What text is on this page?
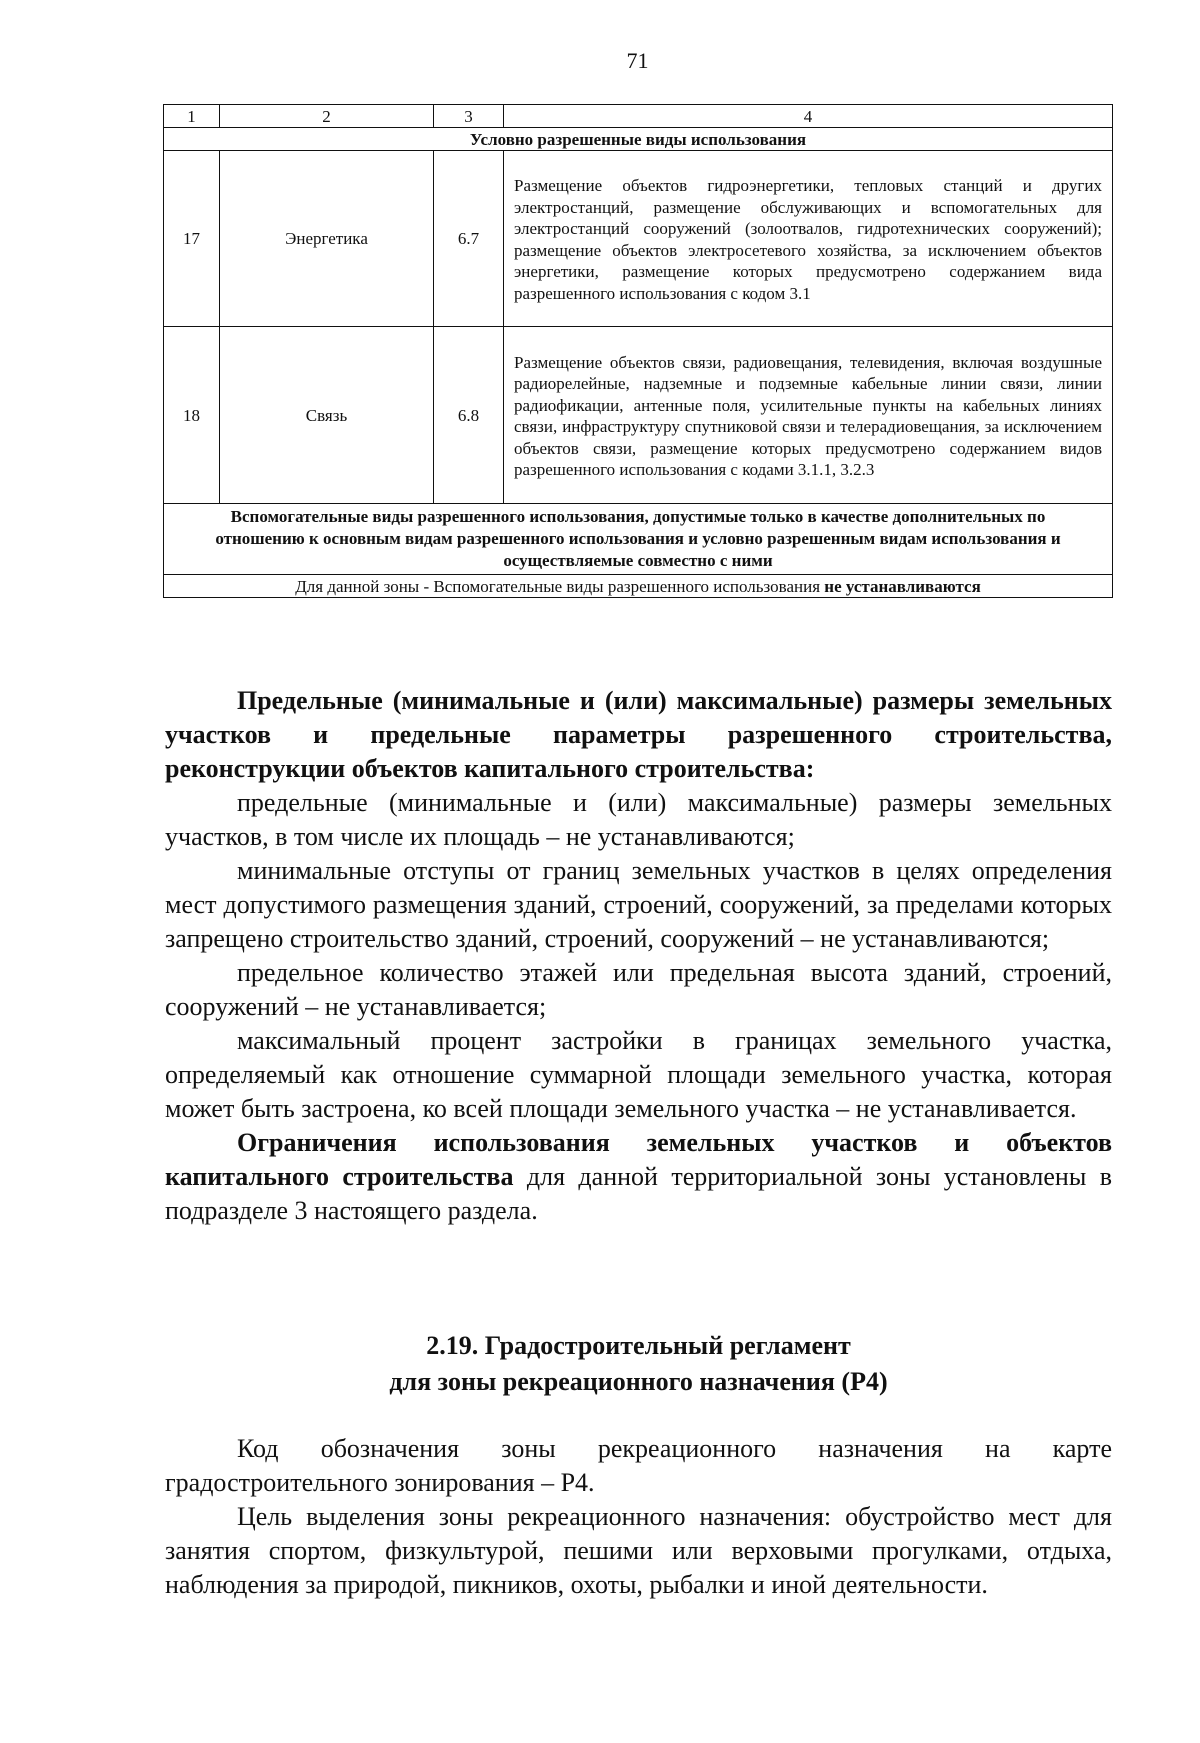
71
1	2	3	4
Условно разрешенные виды использования			
17	Энергетика	6.7	Размещение объектов гидроэнергетики, тепловых станций и других электростанций, размещение обслуживающих и вспомогательных для электростанций сооружений (золоотвалов, гидротехнических сооружений); размещение объектов электросетевого хозяйства, за исключением объектов энергетики, размещение которых предусмотрено содержанием вида разрешенного использования с кодом 3.1
18	Связь	6.8	Размещение объектов связи, радиовещания, телевидения, включая воздушные радиорелейные, надземные и подземные кабельные линии связи, линии радиофикации, антенные поля, усилительные пункты на кабельных линиях связи, инфраструктуру спутниковой связи и телерадиовещания, за исключением объектов связи, размещение которых предусмотрено содержанием видов разрешенного использования с кодами 3.1.1, 3.2.3
Вспомогательные виды разрешенного использования, допустимые только в качестве дополнительных по отношению к основным видам разрешенного использования и условно разрешенным видам использования и осуществляемые совместно с ними			
Для данной зоны - Вспомогательные виды разрешенного использования не устанавливаются			

Предельные (минимальные и (или) максимальные) размеры земельных участков и предельные параметры разрешенного строительства, реконструкции объектов капитального строительства:

предельные (минимальные и (или) максимальные) размеры земельных участков, в том числе их площадь – не устанавливаются;

минимальные отступы от границ земельных участков в целях определения мест допустимого размещения зданий, строений, сооружений, за пределами которых запрещено строительство зданий, строений, сооружений – не устанавливаются;

предельное количество этажей или предельная высота зданий, строений, сооружений – не устанавливается;

максимальный процент застройки в границах земельного участка, определяемый как отношение суммарной площади земельного участка, которая может быть застроена, ко всей площади земельного участка – не устанавливается.

Ограничения использования земельных участков и объектов капитального строительства для данной территориальной зоны установлены в подразделе 3 настоящего раздела.

2.19. Градостроительный регламент
для зоны рекреационного назначения (Р4)

Код обозначения зоны рекреационного назначения на карте градостроительного зонирования – Р4.

Цель выделения зоны рекреационного назначения: обустройство мест для занятия спортом, физкультурой, пешими или верховыми прогулками, отдыха, наблюдения за природой, пикников, охоты, рыбалки и иной деятельности.
